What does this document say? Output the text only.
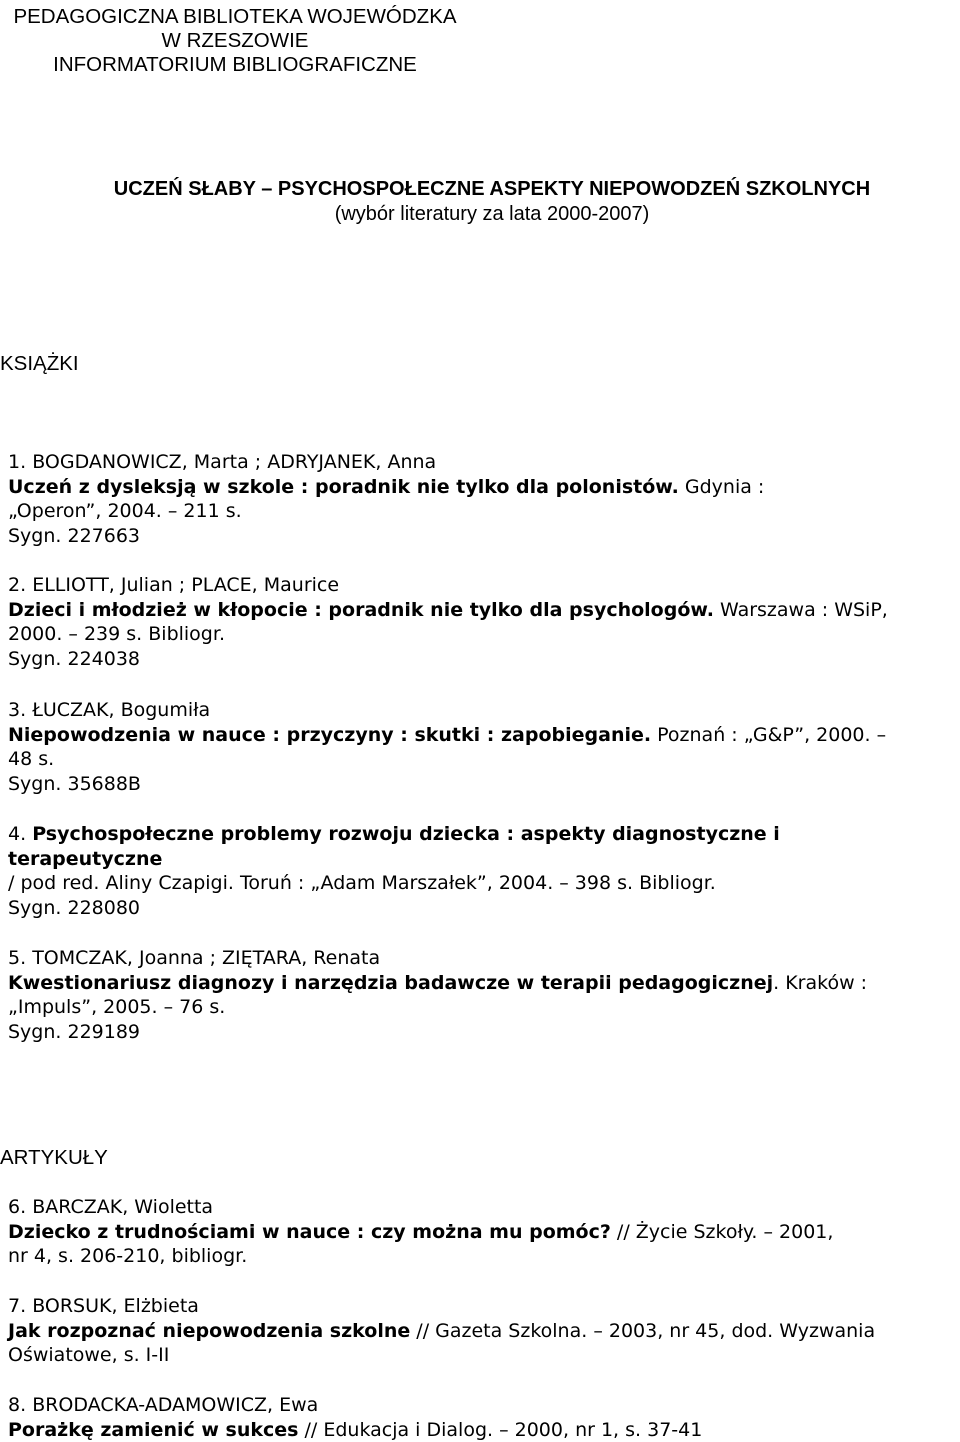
PEDAGOGICZNA BIBLIOTEKA WOJEWÓDZKA
W RZESZOWIE
INFORMATORIUM BIBLIOGRAFICZNE
UCZEŃ SŁABY – PSYCHOSPOŁECZNE ASPEKTY NIEPOWODZEŃ SZKOLNYCH
(wybór literatury za lata 2000-2007)
KSIĄŻKI
1. BOGDANOWICZ, Marta ; ADRYJANEK, Anna
Uczeń z dysleksją w szkole : poradnik nie tylko dla polonistów. Gdynia :
„Operon”, 2004. – 211 s.
Sygn. 227663
2. ELLIOTT, Julian ; PLACE, Maurice
Dzieci i młodzież w kłopocie : poradnik nie tylko dla psychologów. Warszawa : WSiP,
2000. – 239 s. Bibliogr.
Sygn. 224038
3. ŁUCZAK, Bogumiła
Niepowodzenia w nauce : przyczyny : skutki : zapobieganie. Poznań : „G&P”, 2000. –
48 s.
Sygn. 35688B
4. Psychospołeczne problemy rozwoju dziecka : aspekty diagnostyczne i
terapeutyczne
/ pod red. Aliny Czapigi. Toruń : „Adam Marszałek”, 2004. – 398 s. Bibliogr.
Sygn. 228080
5. TOMCZAK, Joanna ; ZIĘTARA, Renata
Kwestionariusz diagnozy i narzędzia badawcze w terapii pedagogicznej. Kraków :
„Impuls”, 2005. – 76 s.
Sygn. 229189
ARTYKUŁY
6. BARCZAK, Wioletta
Dziecko z trudnościami w nauce : czy można mu pomóc? // Życie Szkoły. – 2001,
nr 4, s. 206-210, bibliogr.
7. BORSUK, Elżbieta
Jak rozpoznać niepowodzenia szkolne // Gazeta Szkolna. – 2003, nr 45, dod. Wyzwania
Oświatowe, s. I-II
8. BRODACKA-ADAMOWICZ, Ewa
Porażkę zamienić w sukces // Edukacja i Dialog. – 2000, nr 1, s. 37-41
